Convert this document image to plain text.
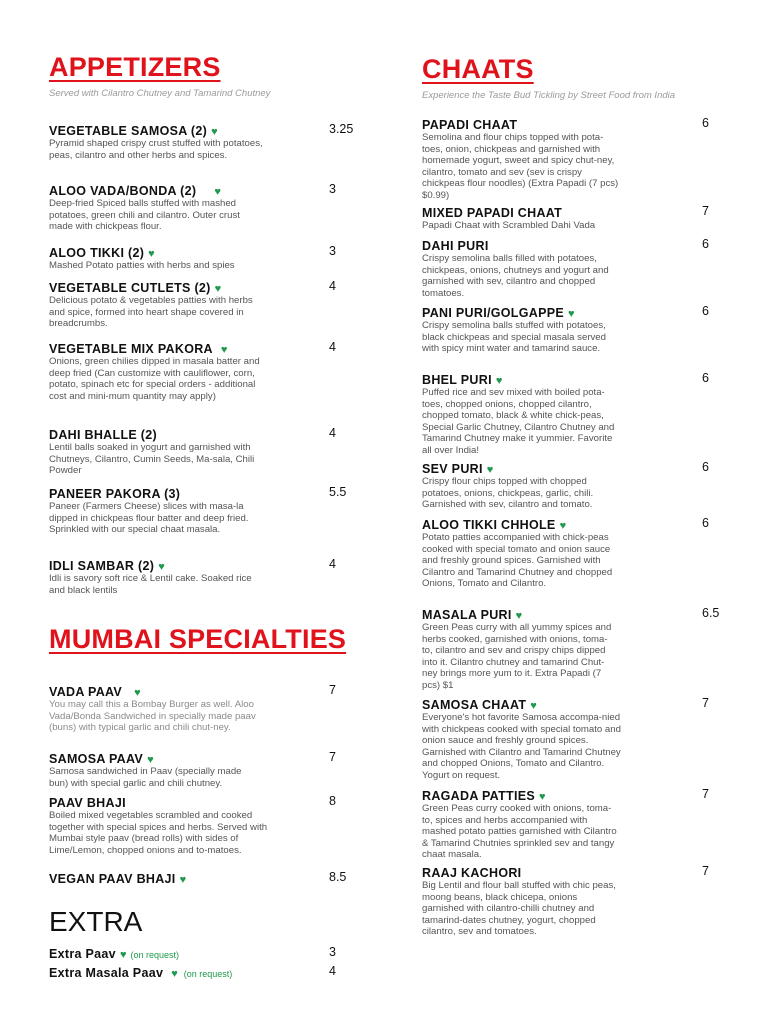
APPETIZERS
Served with Cilantro Chutney and Tamarind Chutney
VEGETABLE SAMOSA (2) ♥	3.25
Pyramid shaped crispy crust stuffed with potatoes, peas, cilantro and other herbs and spices.
ALOO VADA/BONDA (2) ♥	3
Deep-fried Spiced balls stuffed with mashed potatoes, green chili and cilantro. Outer crust made with chickpeas flour.
ALOO TIKKI (2) ♥	3
Mashed Potato patties with herbs and spies
VEGETABLE CUTLETS (2) ♥	4
Delicious potato & vegetables patties with herbs and spice, formed into heart shape covered in breadcrumbs.
VEGETABLE MIX PAKORA ♥	4
Onions, green chilies dipped in masala batter and deep fried (Can customize with cauliflower, corn, potato, spinach etc for special orders - additional cost and mini-mum quantity may apply)
DAHI BHALLE (2)	4
Lentil balls soaked in yogurt and garnished with Chutneys, Cilantro, Cumin Seeds, Ma-sala, Chili Powder
PANEER PAKORA (3)	5.5
Paneer (Farmers Cheese) slices with masa-la dipped in chickpeas flour batter and deep fried. Sprinkled with our special chaat masala.
IDLI SAMBAR (2) ♥	4
Idli is savory soft rice & Lentil cake. Soaked rice and black lentils
MUMBAI SPECIALTIES
VADA PAAV ♥	7
You may call this a Bombay Burger as well. Aloo Vada/Bonda Sandwiched in specially made paav (buns) with typical garlic and chili chut-ney.
SAMOSA PAAV ♥	7
Samosa sandwiched in Paav (specially made bun) with special garlic and chili chutney.
PAAV BHAJI	8
Boiled mixed vegetables scrambled and cooked together with special spices and herbs. Served with Mumbai style paav (bread rolls) with sides of Lime/Lemon, chopped onions and to-matoes.
VEGAN PAAV BHAJI ♥	8.5
EXTRA
Extra Paav ♥ (on request)	3
Extra Masala Paav ♥ (on request)	4
CHAATS
Experience the Taste Bud Tickling by Street Food from India
PAPADI CHAAT	6
Semolina and flour chips topped with pota-toes, onion, chickpeas and garnished with homemade yogurt, sweet and spicy chut-ney, cilantro, tomato and sev (sev is crispy chickpeas flour noodles) (Extra Papadi (7 pcs) $0.99)
MIXED PAPADI CHAAT	7
Papadi Chaat with Scrambled Dahi Vada
DAHI PURI	6
Crispy semolina balls filled with potatoes, chickpeas, onions, chutneys and yogurt and garnished with sev, cilantro and chopped tomatoes.
PANI PURI/GOLGAPPE ♥	6
Crispy semolina balls stuffed with potatoes, black chickpeas and special masala served with spicy mint water and tamarind sauce.
BHEL PURI ♥	6
Puffed rice and sev mixed with boiled pota-toes, chopped onions, chopped cilantro, chopped tomato, black & white chick-peas, Special Garlic Chutney, Cilantro Chutney and Tamarind Chutney make it yummier. Favorite all over India!
SEV PURI ♥	6
Crispy flour chips topped with chopped potatoes, onions, chickpeas, garlic, chili. Garnished with sev, cilantro and tomato.
ALOO TIKKI CHHOLE ♥	6
Potato patties accompanied with chick-peas cooked with special tomato and onion sauce and freshly ground spices. Garnished with Cilantro and Tamarind Chutney and chopped Onions, Tomato and Cilantro.
MASALA PURI ♥	6.5
Green Peas curry with all yummy spices and herbs cooked, garnished with onions, toma-to, cilantro and sev and crispy chips dipped into it. Cilantro chutney and tamarind Chut-ney brings more yum to it. Extra Papadi (7 pcs) $1
SAMOSA CHAAT ♥	7
Everyone's hot favorite Samosa accompa-nied with chickpeas cooked with special tomato and onion sauce and freshly ground spices. Garnished with Cilantro and Tamarind Chutney and chopped Onions, Tomato and Cilantro. Yogurt on request.
RAGADA PATTIES ♥	7
Green Peas curry cooked with onions, toma-to, spices and herbs accompanied with mashed potato patties garnished with Cilantro & Tamarind Chutnies sprinkled sev and tangy chaat masala.
RAAJ KACHORI	7
Big Lentil and flour ball stuffed with chic peas, moong beans, black chicepa, onions garnished with cilantro-chilli chutney and tamarind-dates chutney, yogurt, chopped cilantro, sev and tomatoes.
